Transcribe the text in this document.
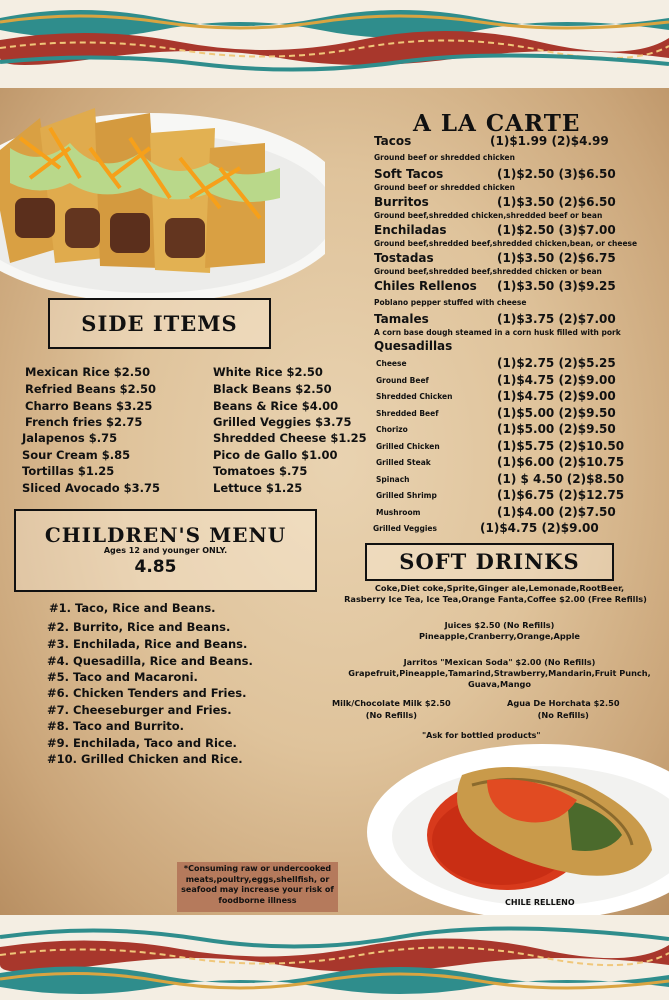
A LA CARTE
Tacos	(1)$1.99 (2)$4.99
Ground beef or shredded chicken
Soft Tacos	(1)$2.50 (3)$6.50
Ground beef or shredded chicken
Burritos	(1)$3.50 (2)$6.50
Ground beef,shredded chicken,shredded beef or bean
Enchiladas	(1)$2.50 (3)$7.00
Ground beef,shredded beef,shredded chicken,bean, or cheese
Tostadas	(1)$3.50 (2)$6.75
Ground beef,shredded beef,shredded chicken or bean
Chiles Rellenos (1)$3.50 (3)$9.25
Poblano pepper stuffed with cheese
Tamales	(1)$3.75 (2)$7.00
A corn base dough steamed in a corn husk filled with pork
Quesadillas
Cheese	(1)$2.75 (2)$5.25
Ground Beef	(1)$4.75 (2)$9.00
Shredded Chicken	(1)$4.75 (2)$9.00
Shredded Beef	(1)$5.00 (2)$9.50
Chorizo	(1)$5.00 (2)$9.50
Grilled Chicken	(1)$5.75 (2)$10.50
Grilled Steak	(1)$6.00 (2)$10.75
Spinach	(1) $ 4.50 (2)$8.50
Grilled Shrimp	(1)$6.75 (2)$12.75
Mushroom	(1)$4.00 (2)$7.50
Grilled Veggies	(1)$4.75 (2)$9.00
SIDE ITEMS
Mexican Rice $2.50
Refried Beans $2.50
Charro Beans $3.25
French fries $2.75
Jalapenos $.75
Sour Cream $.85
Tortillas $1.25
Sliced Avocado $3.75
White Rice $2.50
Black Beans $2.50
Beans & Rice $4.00
Grilled Veggies $3.75
Shredded Cheese $1.25
Pico de Gallo $1.00
Tomatoes $.75
Lettuce $1.25
CHILDREN'S MENU
Ages 12 and younger ONLY.
4.85
#1. Taco, Rice and Beans.
#2. Burrito, Rice and Beans.
#3. Enchilada, Rice and Beans.
#4. Quesadilla, Rice and Beans.
#5. Taco and Macaroni.
#6. Chicken Tenders and Fries.
#7. Cheeseburger and Fries.
#8. Taco and Burrito.
#9. Enchilada, Taco and Rice.
#10. Grilled Chicken and Rice.
SOFT DRINKS
Coke,Diet coke,Sprite,Ginger ale,Lemonade,RootBeer,
Rasberry Ice Tea, Ice Tea,Orange Fanta,Coffee $2.00 (Free Refills)
Juices $2.50 (No Refills)
Pineapple,Cranberry,Orange,Apple
Jarritos "Mexican Soda" $2.00 (No Refills)
Grapefruit,Pineapple,Tamarind,Strawberry,Mandarin,Fruit Punch,
Guava,Mango
Milk/Chocolate Milk $2.50
(No Refills)
Agua De Horchata $2.50
(No Refills)
"Ask for bottled products"
CHILE RELLENO
*Consuming raw or undercooked
meats,poultry,eggs,shellfish, or
seafood may increase your risk of
foodborne illness
